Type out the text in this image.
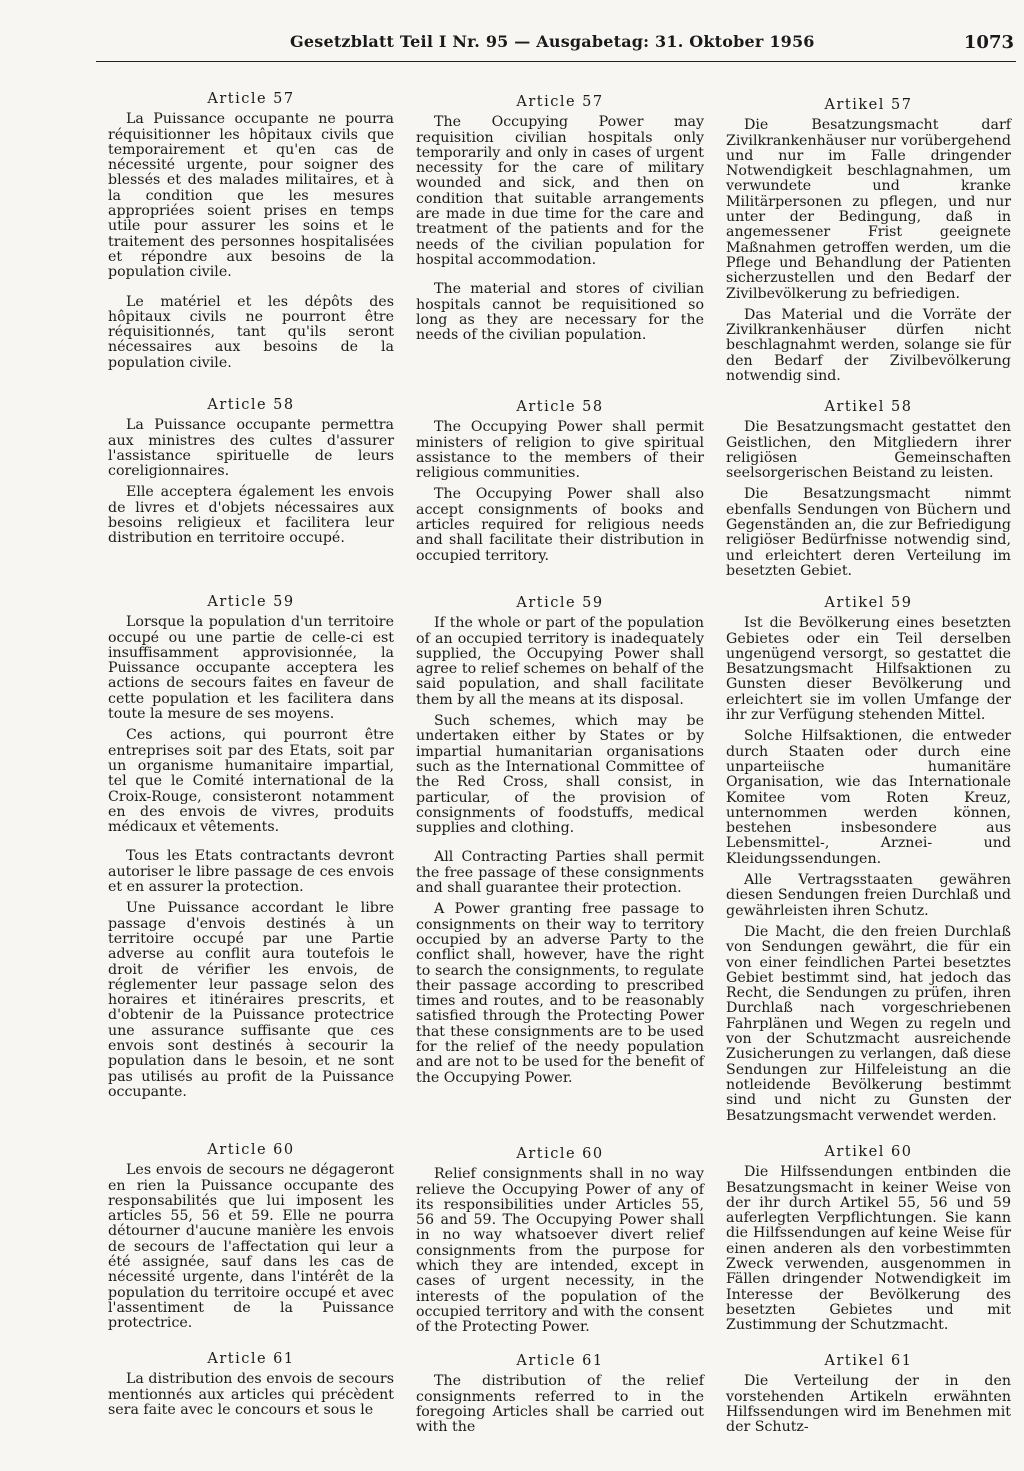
Gesetzblatt Teil I Nr. 95 — Ausgabetag: 31. Oktober 1956	1073
Article 57

La Puissance occupante ne pourra réquisitionner les hôpitaux civils que temporairement et qu'en cas de nécessité urgente, pour soigner des blessés et des malades militaires, et à la condition que les mesures appropriées soient prises en temps utile pour assurer les soins et le traitement des personnes hospitalisées et répondre aux besoins de la population civile.

Le matériel et les dépôts des hôpitaux civils ne pourront être réquisitionnés, tant qu'ils seront nécessaires aux besoins de la population civile.

Article 58

La Puissance occupante permettra aux ministres des cultes d'assurer l'assistance spirituelle de leurs coreligionnaires.

Elle acceptera également les envois de livres et d'objets nécessaires aux besoins religieux et facilitera leur distribution en territoire occupé.

Article 59

Lorsque la population d'un territoire occupé ou une partie de celle-ci est insuffisamment approvisionnée, la Puissance occupante acceptera les actions de secours faites en faveur de cette population et les facilitera dans toute la mesure de ses moyens.

Ces actions, qui pourront être entreprises soit par des Etats, soit par un organisme humanitaire impartial, tel que le Comité international de la Croix-Rouge, consisteront notamment en des envois de vivres, produits médicaux et vêtements.

Tous les Etats contractants devront autoriser le libre passage de ces envois et en assurer la protection.

Une Puissance accordant le libre passage d'envois destinés à un territoire occupé par une Partie adverse au conflit aura toutefois le droit de vérifier les envois, de réglementer leur passage selon des horaires et itinéraires prescrits, et d'obtenir de la Puissance protectrice une assurance suffisante que ces envois sont destinés à secourir la population dans le besoin, et ne sont pas utilisés au profit de la Puissance occupante.

Article 60

Les envois de secours ne dégageront en rien la Puissance occupante des responsabilités que lui imposent les articles 55, 56 et 59. Elle ne pourra détourner d'aucune manière les envois de secours de l'affectation qui leur a été assignée, sauf dans les cas de nécessité urgente, dans l'intérêt de la population du territoire occupé et avec l'assentiment de la Puissance protectrice.

Article 61

La distribution des envois de secours mentionnés aux articles qui précèdent sera faite avec le concours et sous le

Article 57

The Occupying Power may requisition civilian hospitals only temporarily and only in cases of urgent necessity for the care of military wounded and sick, and then on condition that suitable arrangements are made in due time for the care and treatment of the patients and for the needs of the civilian population for hospital accommodation.

The material and stores of civilian hospitals cannot be requisitioned so long as they are necessary for the needs of the civilian population.

Article 58

The Occupying Power shall permit ministers of religion to give spiritual assistance to the members of their religious communities.

The Occupying Power shall also accept consignments of books and articles required for religious needs and shall facilitate their distribution in occupied territory.

Article 59

If the whole or part of the population of an occupied territory is inadequately supplied, the Occupying Power shall agree to relief schemes on behalf of the said population, and shall facilitate them by all the means at its disposal.

Such schemes, which may be undertaken either by States or by impartial humanitarian organisations such as the International Committee of the Red Cross, shall consist, in particular, of the provision of consignments of foodstuffs, medical supplies and clothing.

All Contracting Parties shall permit the free passage of these consignments and shall guarantee their protection.

A Power granting free passage to consignments on their way to territory occupied by an adverse Party to the conflict shall, however, have the right to search the consignments, to regulate their passage according to prescribed times and routes, and to be reasonably satisfied through the Protecting Power that these consignments are to be used for the relief of the needy population and are not to be used for the benefit of the Occupying Power.

Article 60

Relief consignments shall in no way relieve the Occupying Power of any of its responsibilities under Articles 55, 56 and 59. The Occupying Power shall in no way whatsoever divert relief consignments from the purpose for which they are intended, except in cases of urgent necessity, in the interests of the population of the occupied territory and with the consent of the Protecting Power.

Article 61

The distribution of the relief consignments referred to in the foregoing Articles shall be carried out with the

Artikel 57

Die Besatzungsmacht darf Zivilkrankenhäuser nur vorübergehend und nur im Falle dringender Notwendigkeit beschlagnahmen, um verwundete und kranke Militärpersonen zu pflegen, und nur unter der Bedingung, daß in angemessener Frist geeignete Maßnahmen getroffen werden, um die Pflege und Behandlung der Patienten sicherzustellen und den Bedarf der Zivilbevölkerung zu befriedigen.

Das Material und die Vorräte der Zivilkrankenhäuser dürfen nicht beschlagnahmt werden, solange sie für den Bedarf der Zivilbevölkerung notwendig sind.

Artikel 58

Die Besatzungsmacht gestattet den Geistlichen, den Mitgliedern ihrer religiösen Gemeinschaften seelsorgerischen Beistand zu leisten.

Die Besatzungsmacht nimmt ebenfalls Sendungen von Büchern und Gegenständen an, die zur Befriedigung religiöser Bedürfnisse notwendig sind, und erleichtert deren Verteilung im besetzten Gebiet.

Artikel 59

Ist die Bevölkerung eines besetzten Gebietes oder ein Teil derselben ungenügend versorgt, so gestattet die Besatzungsmacht Hilfsaktionen zu Gunsten dieser Bevölkerung und erleichtert sie im vollen Umfange der ihr zur Verfügung stehenden Mittel.

Solche Hilfsaktionen, die entweder durch Staaten oder durch eine unparteiische humanitäre Organisation, wie das Internationale Komitee vom Roten Kreuz, unternommen werden können, bestehen insbesondere aus Lebensmittel-, Arznei- und Kleidungssendungen.

Alle Vertragsstaaten gewähren diesen Sendungen freien Durchlaß und gewährleisten ihren Schutz.

Die Macht, die den freien Durchlaß von Sendungen gewährt, die für ein von einer feindlichen Partei besetztes Gebiet bestimmt sind, hat jedoch das Recht, die Sendungen zu prüfen, ihren Durchlaß nach vorgeschriebenen Fahrplänen und Wegen zu regeln und von der Schutzmacht ausreichende Zusicherungen zu verlangen, daß diese Sendungen zur Hilfeleistung an die notleidende Bevölkerung bestimmt sind und nicht zu Gunsten der Besatzungsmacht verwendet werden.

Artikel 60

Die Hilfssendungen entbinden die Besatzungsmacht in keiner Weise von der ihr durch Artikel 55, 56 und 59 auferlegten Verpflichtungen. Sie kann die Hilfssendungen auf keine Weise für einen anderen als den vorbestimmten Zweck verwenden, ausgenommen in Fällen dringender Notwendigkeit im Interesse der Bevölkerung des besetzten Gebietes und mit Zustimmung der Schutzmacht.

Artikel 61

Die Verteilung der in den vorstehenden Artikeln erwähnten Hilfssendungen wird im Benehmen mit der Schutz-
